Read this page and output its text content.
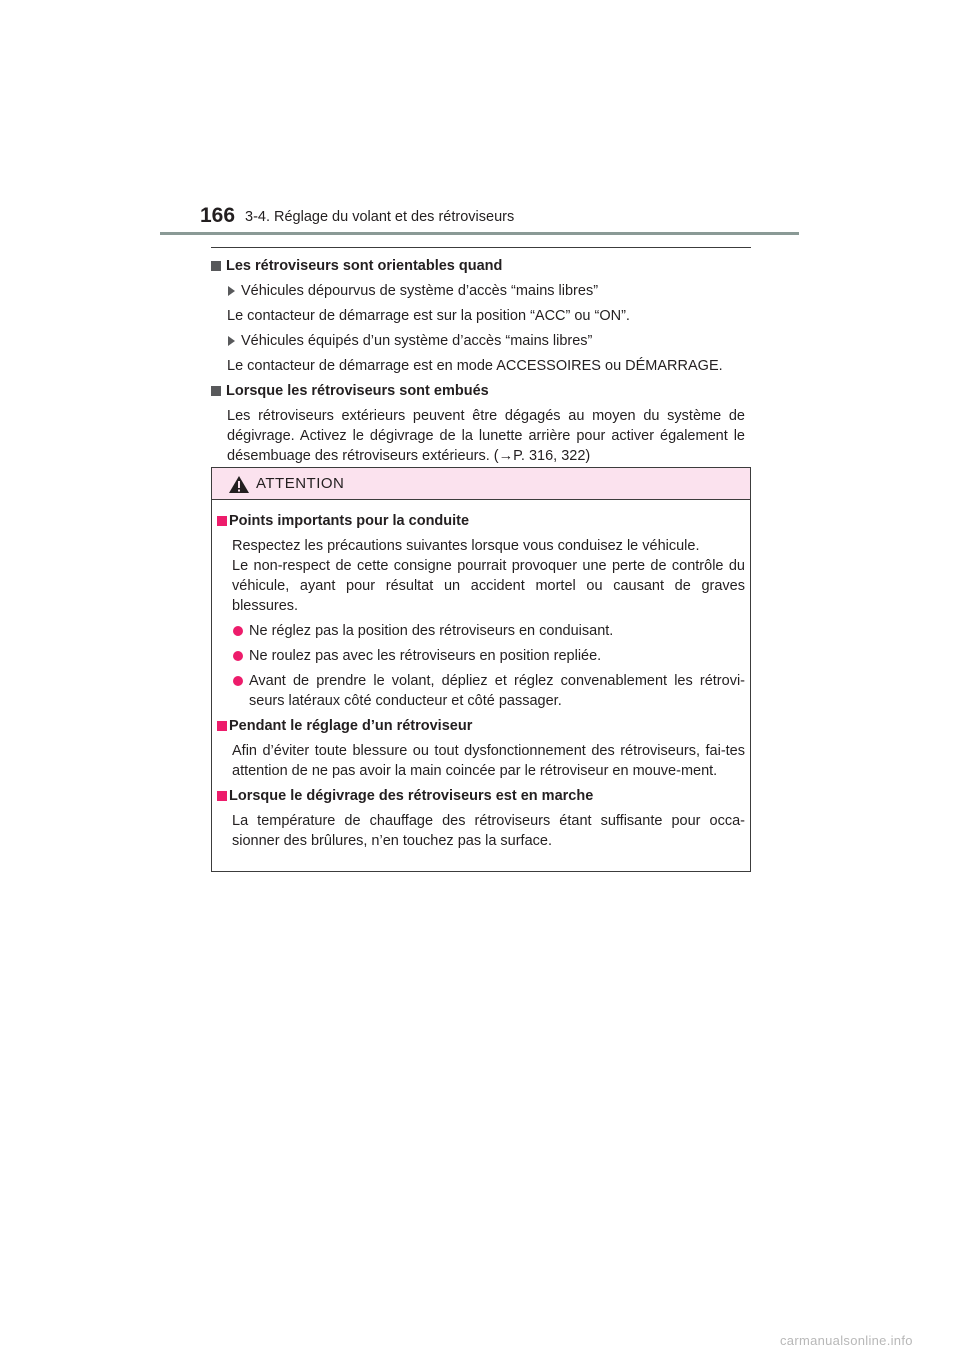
166 3-4. Réglage du volant et des rétroviseurs
Les rétroviseurs sont orientables quand
Véhicules dépourvus de système d’accès “mains libres”
Le contacteur de démarrage est sur la position “ACC” ou “ON”.
Véhicules équipés d’un système d’accès “mains libres”
Le contacteur de démarrage est en mode ACCESSOIRES ou DÉMARRAGE.
Lorsque les rétroviseurs sont embués
Les rétroviseurs extérieurs peuvent être dégagés au moyen du système de dégivrage. Activez le dégivrage de la lunette arrière pour activer également le désembuage des rétroviseurs extérieurs. (→P. 316, 322)
ATTENTION
Points importants pour la conduite
Respectez les précautions suivantes lorsque vous conduisez le véhicule.
Le non-respect de cette consigne pourrait provoquer une perte de contrôle du véhicule, ayant pour résultat un accident mortel ou causant de graves blessures.
Ne réglez pas la position des rétroviseurs en conduisant.
Ne roulez pas avec les rétroviseurs en position repliée.
Avant de prendre le volant, dépliez et réglez convenablement les rétrovi-seurs latéraux côté conducteur et côté passager.
Pendant le réglage d’un rétroviseur
Afin d’éviter toute blessure ou tout dysfonctionnement des rétroviseurs, fai-tes attention de ne pas avoir la main coincée par le rétroviseur en mouve-ment.
Lorsque le dégivrage des rétroviseurs est en marche
La température de chauffage des rétroviseurs étant suffisante pour occa-sionner des brûlures, n’en touchez pas la surface.
carmanualsonline.info
